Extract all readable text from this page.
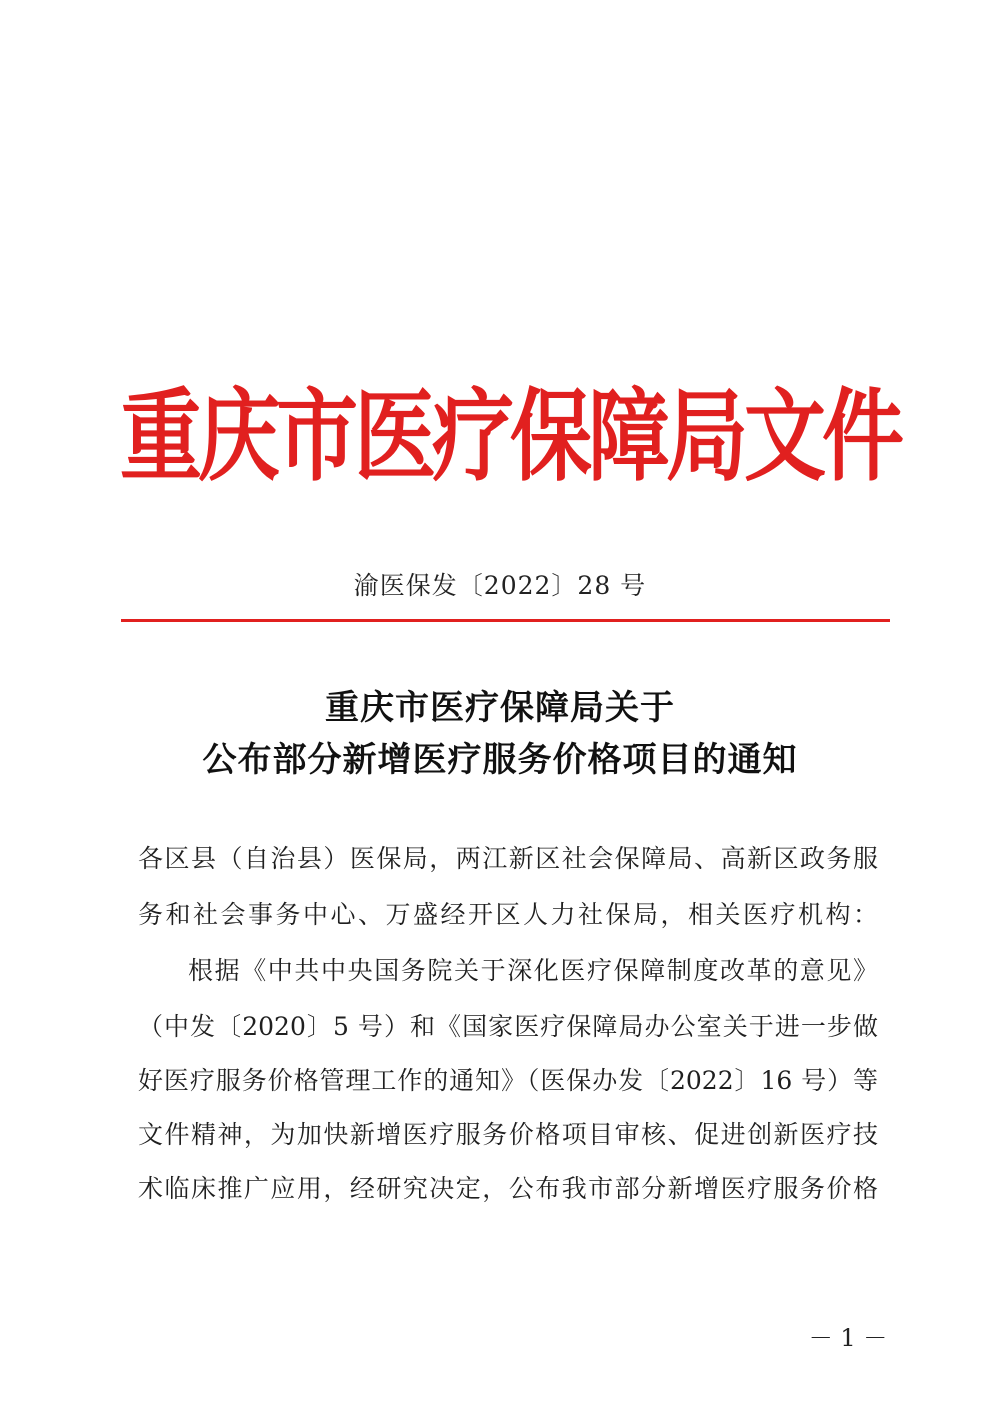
重
庆
市
医
疗
保
障
局
文
件
渝医保发〔2022〕28 号
重庆市医疗保障局关于
公布部分新增医疗服务价格项目的通知
各区县（自治县）医保局，两江新区社会保障局、高新区政务服
务和社会事务中心、万盛经开区人力社保局，相关医疗机构：
根据《中共中央国务院关于深化医疗保障制度改革的意见》
（中发〔2020〕5 号）和《国家医疗保障局办公室关于进一步做
好医疗服务价格管理工作的通知》（医保办发〔2022〕16 号）等
文件精神，为加快新增医疗服务价格项目审核、促进创新医疗技
术临床推广应用，经研究决定，公布我市部分新增医疗服务价格
－ 1 －
